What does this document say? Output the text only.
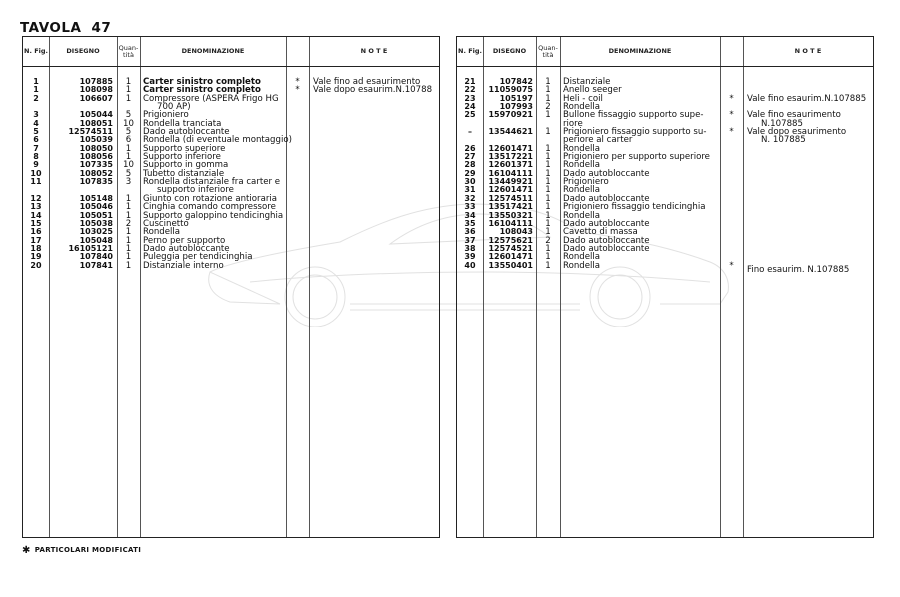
TAVOLA 47
N. Fig.	DISEGNO	Quan- tità	DENOMINAZIONE	N O T E
1	107885	1	Carter sinistro completo	*	Vale fino ad esaurimento
1	108098	1	Carter sinistro completo	*	Vale dopo esaurim.N.10788
2	106607	1	Compressore (ASPERA Frigo HG
700 AP)
3	105044	5	Prigioniero
4	108051	10	Rondella tranciata
5	12574511	5	Dado autobloccante
6	105039	6	Rondella (di eventuale montaggio)
7	108050	1	Supporto superiore
8	108056	1	Supporto inferiore
9	107335	10	Supporto in gomma
10	108052	5	Tubetto distanziale
11	107835	3	Rondella distanziale fra carter e
supporto inferiore
12	105148	1	Giunto con rotazione antioraria
13	105046	1	Cinghia comando compressore
14	105051	1	Supporto galoppino tendicinghia
15	105038	2	Cuscinetto
16	103025	1	Rondella
17	105048	1	Perno per supporto
18	16105121	1	Dado autobloccante
19	107840	1	Puleggia per tendicinghia
20	107841	1	Distanziale interno
N. Fig.	DISEGNO	Quan- tità	DENOMINAZIONE	N O T E
21	107842	1	Distanziale
22	11059075	1	Anello seeger
23	105197	1	Heli - coil	*	Vale fino esaurim.N.107885
24	107993	2	Rondella
25	15970921	1	Bullone fissaggio supporto supe-	*	Vale fino esaurimento
riore	N.107885
–	13544621	1	Prigioniero fissaggio supporto su-	*	Vale dopo esaurimento
periore al carter	N. 107885
26	12601471	1	Rondella
27	13517221	1	Prigioniero per supporto superiore
28	12601371	1	Rondella
29	16104111	1	Dado autobloccante
30	13449921	1	Prigioniero
31	12601471	1	Rondella
32	12574511	1	Dado autobloccante
33	13517421	1	Prigioniero fissaggio tendicinghia
34	13550321	1	Rondella
35	16104111	1	Dado autobloccante
36	108043	1	Cavetto di massa
37	12575621	2	Dado autobloccante
38	12574521	1	Dado autobloccante
39	12601471	1	Rondella
40	13550401	1	Rondella	*	Fino esaurim. N.107885
✱ PARTICOLARI MODIFICATI
